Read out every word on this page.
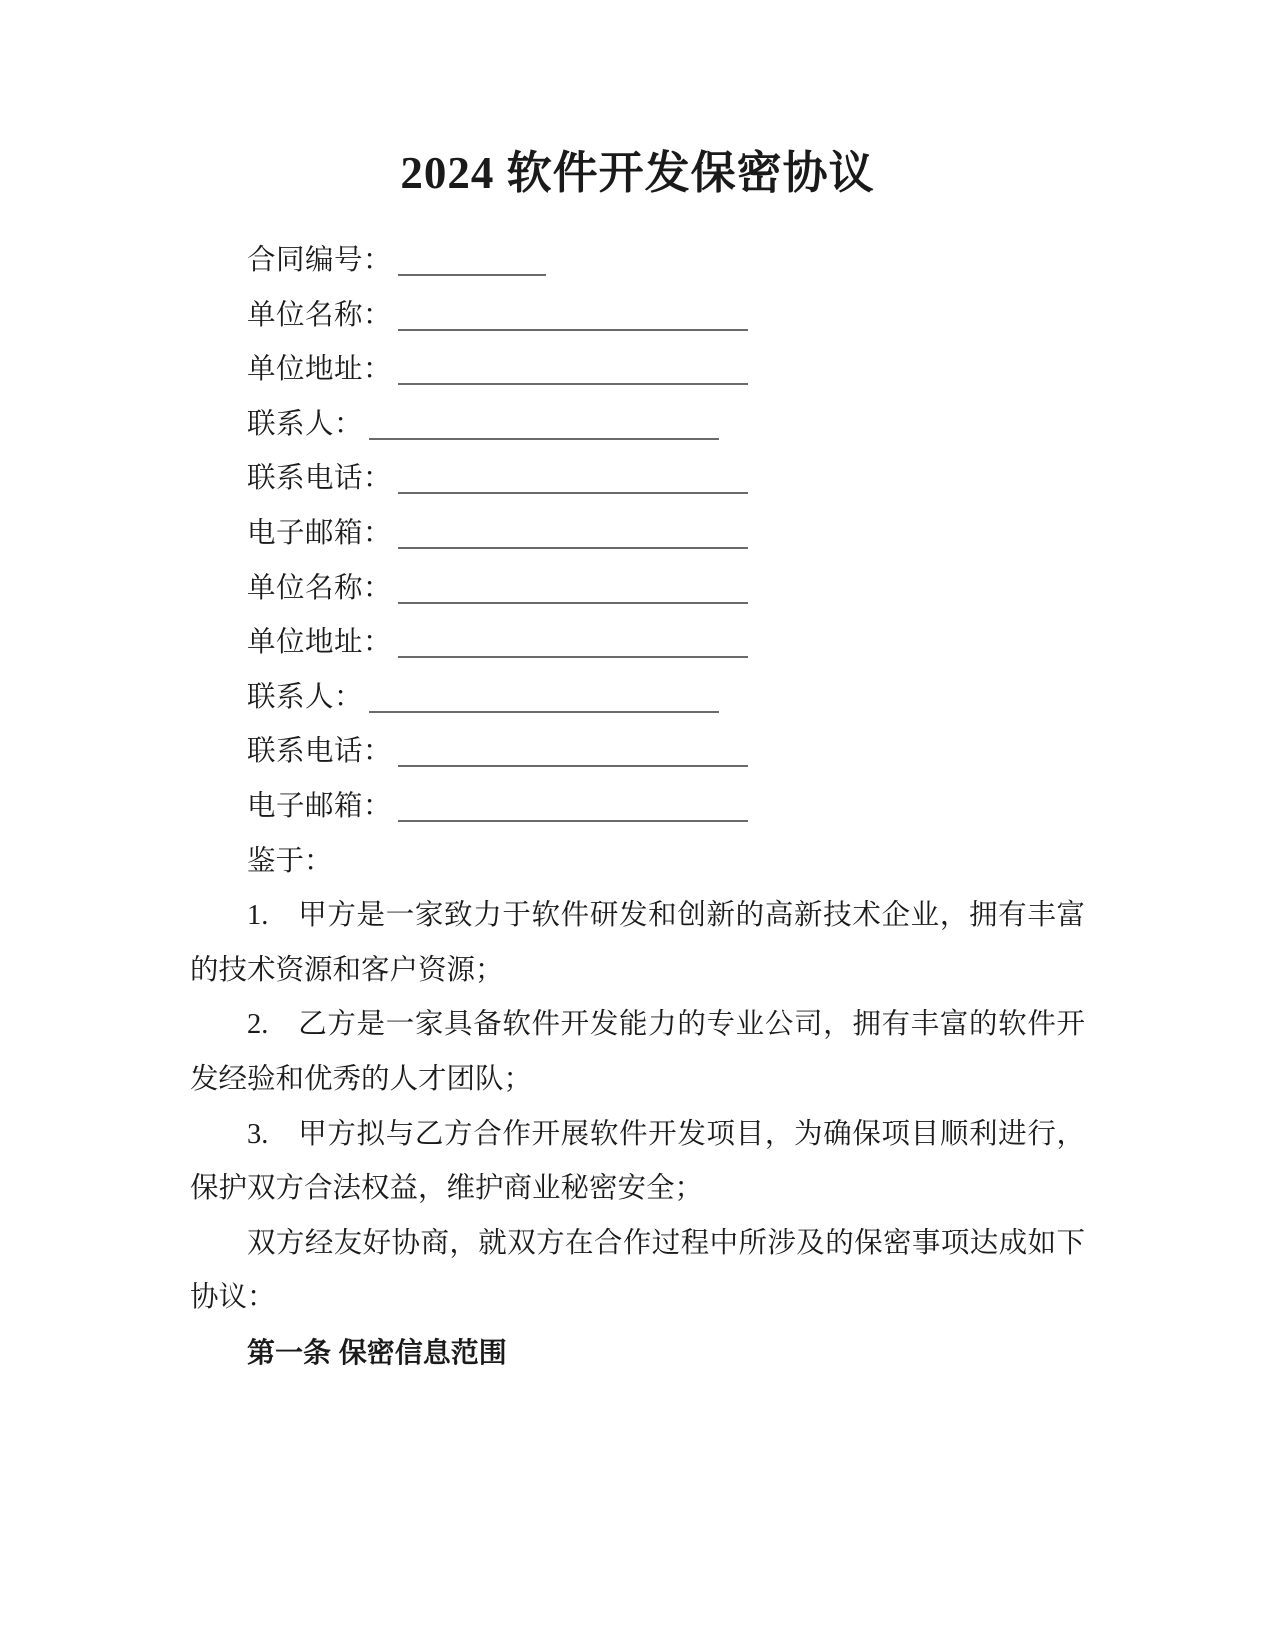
2024 软件开发保密协议
合同编号：
单位名称：
单位地址：
联系人：
联系电话：
电子邮箱：
单位名称：
单位地址：
联系人：
联系电话：
电子邮箱：

鉴于：

1.　甲方是一家致力于软件研发和创新的高新技术企业，拥有丰富的技术资源和客户资源；

2.　乙方是一家具备软件开发能力的专业公司，拥有丰富的软件开发经验和优秀的人才团队；

3.　甲方拟与乙方合作开展软件开发项目，为确保项目顺利进行，保护双方合法权益，维护商业秘密安全；

双方经友好协商，就双方在合作过程中所涉及的保密事项达成如下协议：

第一条 保密信息范围
